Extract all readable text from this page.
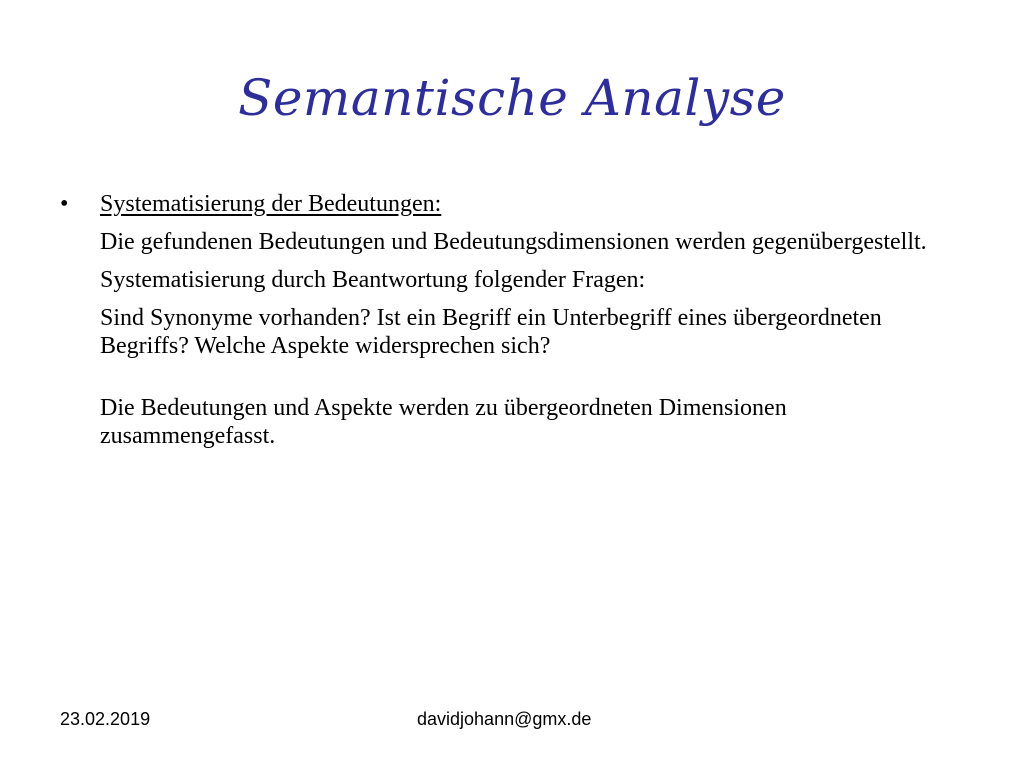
Semantische Analyse
• Systematisierung der Bedeutungen:

Die gefundenen Bedeutungen und Bedeutungsdimensionen werden gegenübergestellt.

Systematisierung durch Beantwortung folgender Fragen:

Sind Synonyme vorhanden? Ist ein Begriff ein Unterbegriff eines übergeordneten Begriffs? Welche Aspekte widersprechen sich?

Die Bedeutungen und Aspekte werden zu übergeordneten Dimensionen zusammengefasst.

23.02.2019	davidjohann@gmx.de
